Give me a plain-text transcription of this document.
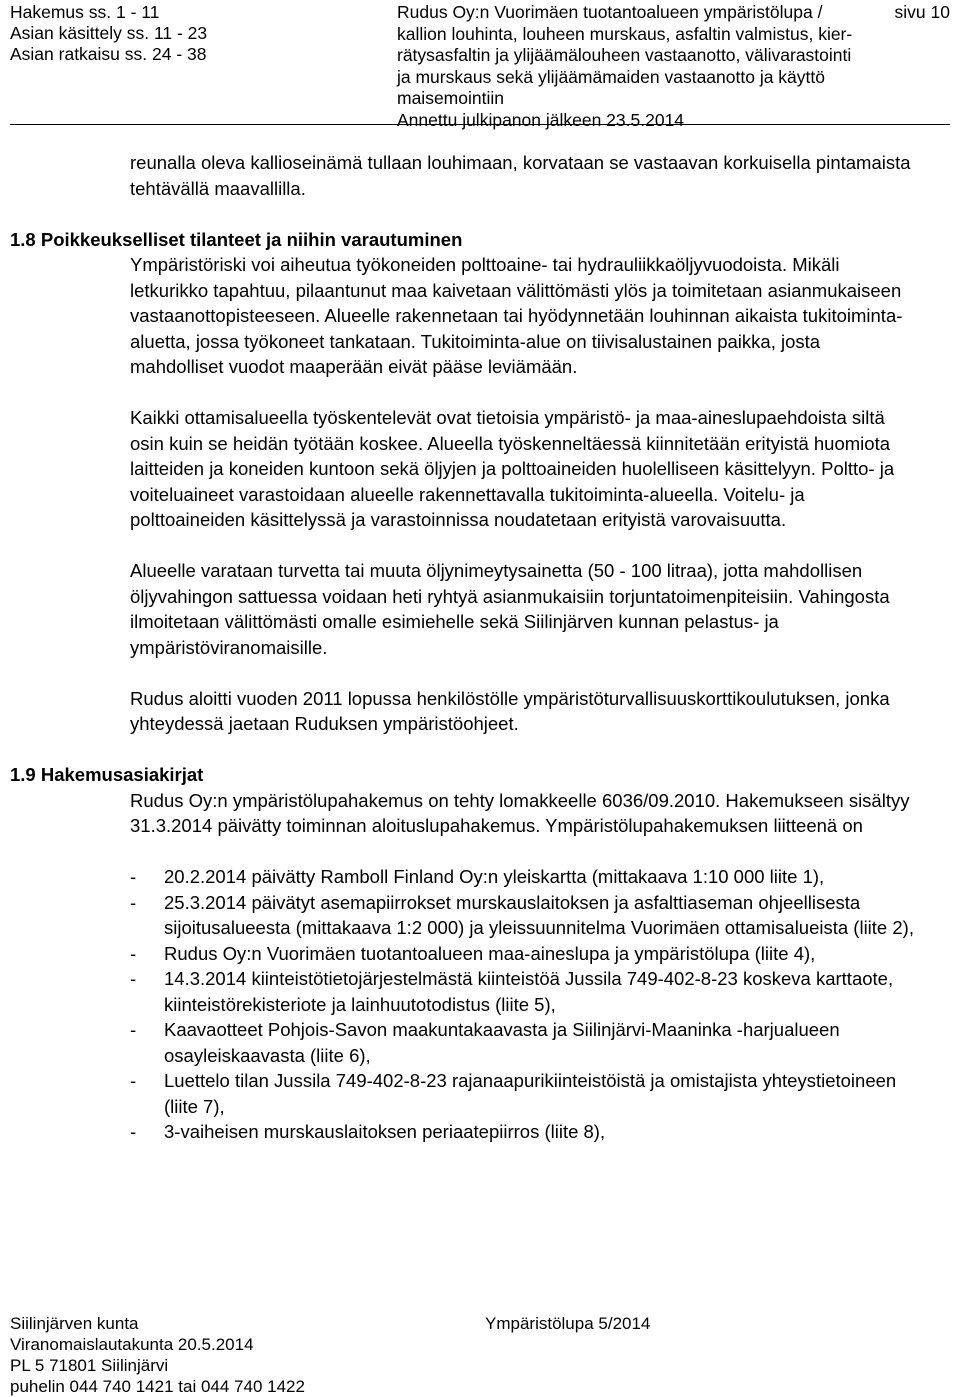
Hakemus ss. 1 - 11
Asian käsittely ss. 11 - 23
Asian ratkaisu ss. 24 - 38
Rudus Oy:n Vuorimäen tuotantoalueen ympäristölupa /
kallion louhinta, louheen murskaus, asfaltin valmistus, kier-
rätysasfaltin ja ylijäämälouheen vastaanotto, välivarastointi
ja murskaus sekä ylijäämämaiden vastaanotto ja käyttö
maisemointiin
Annettu julkipanon jälkeen 23.5.2014
sivu 10

reunalla oleva kallioseinämä tullaan louhimaan, korvataan se vastaavan korkuisella pintamaista tehtävällä maavallilla.

1.8 Poikkeukselliset tilanteet ja niihin varautuminen

Ympäristöriski voi aiheutua työkoneiden polttoaine- tai hydrauliikkaöljyvuodoista. Mikäli letkurikko tapahtuu, pilaantunut maa kaivetaan välittömästi ylös ja toimitetaan asianmukaiseen vastaanottopisteeseen. Alueelle rakennetaan tai hyödynnetään louhinnan aikaista tukitoiminta-aluetta, jossa työkoneet tankataan. Tukitoiminta-alue on tiivisalustainen paikka, josta mahdolliset vuodot maaperään eivät pääse leviämään.

Kaikki ottamisalueella työskentelevät ovat tietoisia ympäristö- ja maa-aineslupaehdoista siltä osin kuin se heidän työtään koskee. Alueella työskenneltäessä kiinnitetään erityistä huomiota laitteiden ja koneiden kuntoon sekä öljyjen ja polttoaineiden huolelliseen käsittelyyn. Poltto- ja voiteluaineet varastoidaan alueelle rakennettavalla tukitoiminta-alueella. Voitelu- ja polttoaineiden käsittelyssä ja varastoinnissa noudatetaan erityistä varovaisuutta.

Alueelle varataan turvetta tai muuta öljynimeytysainetta (50 - 100 litraa), jotta mahdollisen öljyvahingon sattuessa voidaan heti ryhtyä asianmukaisiin torjuntatoimenpiteisiin. Vahingosta ilmoitetaan välittömästi omalle esimiehelle sekä Siilinjärven kunnan pelastus- ja ympäristöviranomaisille.

Rudus aloitti vuoden 2011 lopussa henkilöstölle ympäristöturvallisuuskorttikoulutuksen, jonka yhteydessä jaetaan Ruduksen ympäristöohjeet.

1.9 Hakemusasiakirjat

Rudus Oy:n ympäristölupahakemus on tehty lomakkeelle 6036/09.2010. Hakemukseen sisältyy 31.3.2014 päivätty toiminnan aloituslupahakemus. Ympäristölupahakemuksen liitteenä on

- 20.2.2014 päivätty Ramboll Finland Oy:n yleiskartta (mittakaava 1:10 000 liite 1),
- 25.3.2014 päivätyt asemapiirrokset murskauslaitoksen ja asfalttiaseman ohjeellisesta sijoitusalueesta (mittakaava 1:2 000) ja yleissuunnitelma Vuorimäen ottamisalueista (liite 2),
- Rudus Oy:n Vuorimäen tuotantoalueen maa-aineslupa ja ympäristölupa (liite 4),
- 14.3.2014 kiinteistötietojärjestelmästä kiinteistöä Jussila 749-402-8-23 koskeva karttaote, kiinteistörekisteriote ja lainhuutotodistus (liite 5),
- Kaavaotteet Pohjois-Savon maakuntakaavasta ja Siilinjärvi-Maaninka -harjualueen osayleiskaavasta (liite 6),
- Luettelo tilan Jussila 749-402-8-23 rajanaapurikiinteistöistä ja omistajista yhteystietoineen (liite 7),
- 3-vaiheisen murskauslaitoksen periaatepiirros (liite 8),
Siilinjärven kunta
Viranomaislautakunta 20.5.2014
PL 5 71801 Siilinjärvi
puhelin 044 740 1421 tai 044 740 1422
Ympäristölupa 5/2014
